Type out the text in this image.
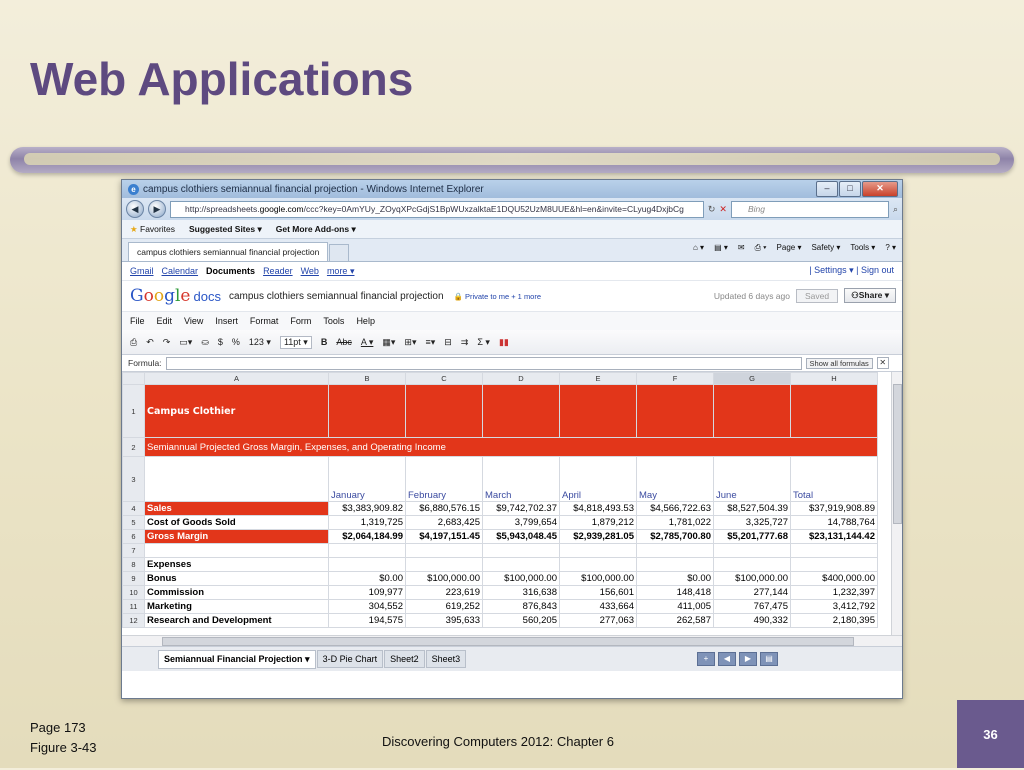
Web Applications
e campus clothiers semiannual financial projection - Windows Internet Explorer	–	□	✕
◀	▶	http://spreadsheets.google.com/ccc?key=0AmYUy_ZOyqXPcGdjS1BpWUxzalktaE1DQU52UzM8UUE&hl=en&invite=CLyug4DxjbCg	↻ ✕	Bing	⌕
★ Favorites Suggested Sites ▾ Get More Add-ons ▾
campus clothiers semiannual financial projection	⌂ ▾ ▤ ▾ ✉ ⎙ ▾ Page ▾ Safety ▾ Tools ▾ ? ▾
Gmail Calendar Documents Reader Web more ▾	| Settings ▾ | Sign out
Google docs campus clothiers semiannual financial projection 🔒 Private to me + 1 more	Updated 6 days ago	Saved	⚇Share ▾
File Edit View Insert Format Form Tools Help
⎙ ↶ ↷ ▭▾ ⛀ $ % 123 ▾	11pt ▾	B Abc A ▾ ▦▾ ⊞▾ ≡▾ ⊟ ⇉ Σ ▾ ▮▮
Formula:	Show all formulas	✕
	A	B	C	D	E	F	G	H
1	Campus Clothier							
2	Semiannual Projected Gross Margin, Expenses, and Operating Income							
3		January	February	March	April	May	June	Total
4	Sales	$3,383,909.82	$6,880,576.15	$9,742,702.37	$4,818,493.53	$4,566,722.63	$8,527,504.39	$37,919,908.89
5	Cost of Goods Sold	1,319,725	2,683,425	3,799,654	1,879,212	1,781,022	3,325,727	14,788,764
6	Gross Margin	$2,064,184.99	$4,197,151.45	$5,943,048.45	$2,939,281.05	$2,785,700.80	$5,201,777.68	$23,131,144.42
7								
8	Expenses							
9	Bonus	$0.00	$100,000.00	$100,000.00	$100,000.00	$0.00	$100,000.00	$400,000.00
10	Commission	109,977	223,619	316,638	156,601	148,418	277,144	1,232,397
11	Marketing	304,552	619,252	876,843	433,664	411,005	767,475	3,412,792
12	Research and Development	194,575	395,633	560,205	277,063	262,587	490,332	2,180,395
Semiannual Financial Projection ▾	3-D Pie Chart	Sheet2	Sheet3	+	◀	▶	▤
Page 173
Figure 3-43	Discovering Computers 2012: Chapter 6	36
